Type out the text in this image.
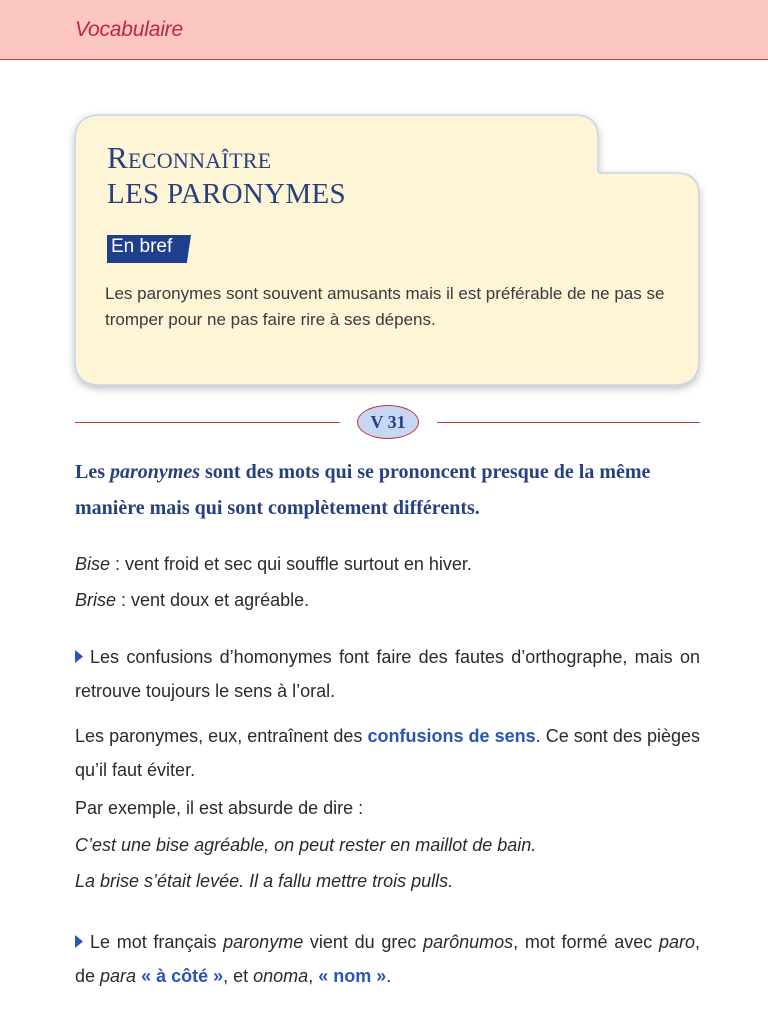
Vocabulaire
Reconnaître
LES PARONYMES
En bref
Les paronymes sont souvent amusants mais il est préférable de ne pas se tromper pour ne pas faire rire à ses dépens.
V 31
Les paronymes sont des mots qui se prononcent presque de la même manière mais qui sont complètement différents.
Bise : vent froid et sec qui souffle surtout en hiver.
Brise : vent doux et agréable.
Les confusions d’homonymes font faire des fautes d’orthographe, mais on retrouve toujours le sens à l’oral.
Les paronymes, eux, entraînent des confusions de sens. Ce sont des pièges qu’il faut éviter.
Par exemple, il est absurde de dire :
C’est une bise agréable, on peut rester en maillot de bain.
La brise s’était levée. Il a fallu mettre trois pulls.
Le mot français paronyme vient du grec parônumos, mot formé avec paro, de para « à côté », et onoma, « nom ».
